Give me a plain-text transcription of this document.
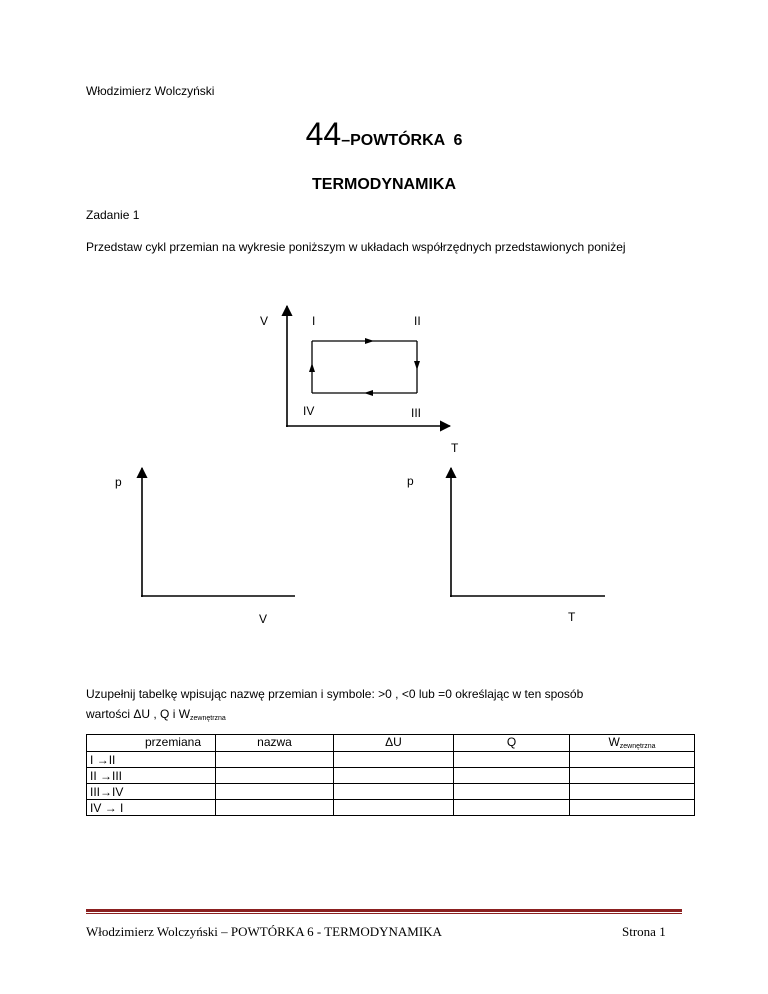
Włodzimierz Wolczyński
44–POWTÓRKA  6
TERMODYNAMIKA
Zadanie 1
Przedstaw cykl przemian na wykresie poniższym w układach współrzędnych przedstawionych poniżej
V	I	II
IV	III
T
p
V
p
T
Uzupełnij tabelkę wpisując nazwę przemian i symbole: >0 , <0 lub =0 określając w ten sposób
wartości ΔU , Q i $W_{zewnętrzna}$
przemiana	nazwa	ΔU	Q	$W_{zewnętrzna}$
I →II				
II →III				
III→IV				
IV → I				
Włodzimierz Wolczyński – POWTÓRKA 6 - TERMODYNAMIKA	Strona 1
